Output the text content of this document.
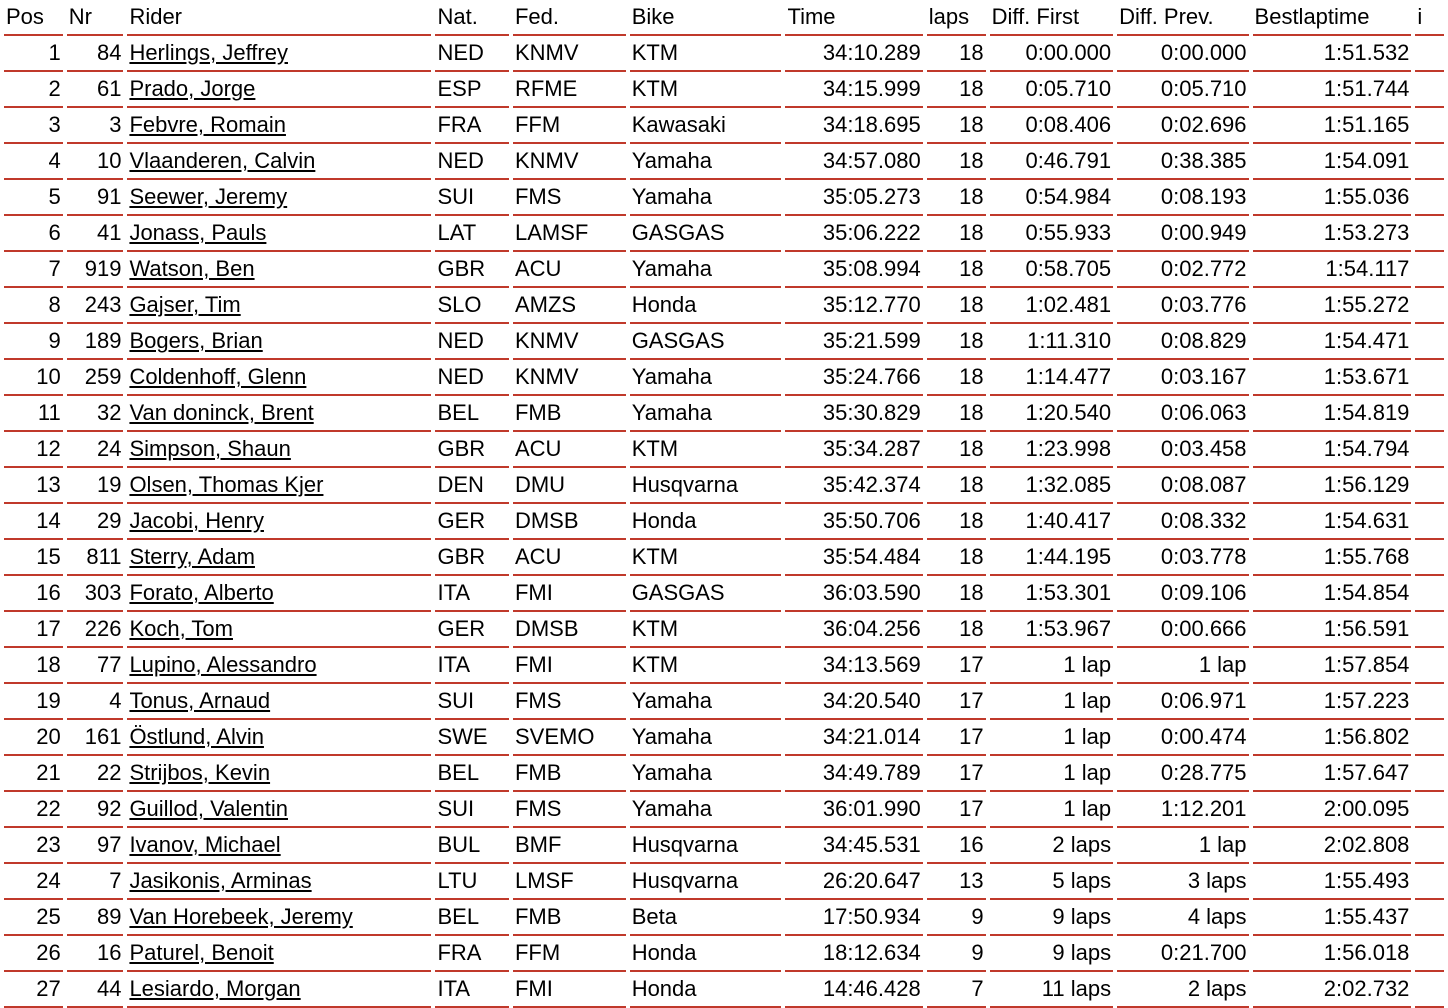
Pos	Nr	Rider	Nat.	Fed.	Bike	Time	laps	Diff. First	Diff. Prev.	Bestlaptime	i
1	84	Herlings, Jeffrey	NED	KNMV	KTM	34:10.289	18	0:00.000	0:00.000	1:51.532	
2	61	Prado, Jorge	ESP	RFME	KTM	34:15.999	18	0:05.710	0:05.710	1:51.744	
3	3	Febvre, Romain	FRA	FFM	Kawasaki	34:18.695	18	0:08.406	0:02.696	1:51.165	
4	10	Vlaanderen, Calvin	NED	KNMV	Yamaha	34:57.080	18	0:46.791	0:38.385	1:54.091	
5	91	Seewer, Jeremy	SUI	FMS	Yamaha	35:05.273	18	0:54.984	0:08.193	1:55.036	
6	41	Jonass, Pauls	LAT	LAMSF	GASGAS	35:06.222	18	0:55.933	0:00.949	1:53.273	
7	919	Watson, Ben	GBR	ACU	Yamaha	35:08.994	18	0:58.705	0:02.772	1:54.117	
8	243	Gajser, Tim	SLO	AMZS	Honda	35:12.770	18	1:02.481	0:03.776	1:55.272	
9	189	Bogers, Brian	NED	KNMV	GASGAS	35:21.599	18	1:11.310	0:08.829	1:54.471	
10	259	Coldenhoff, Glenn	NED	KNMV	Yamaha	35:24.766	18	1:14.477	0:03.167	1:53.671	
11	32	Van doninck, Brent	BEL	FMB	Yamaha	35:30.829	18	1:20.540	0:06.063	1:54.819	
12	24	Simpson, Shaun	GBR	ACU	KTM	35:34.287	18	1:23.998	0:03.458	1:54.794	
13	19	Olsen, Thomas Kjer	DEN	DMU	Husqvarna	35:42.374	18	1:32.085	0:08.087	1:56.129	
14	29	Jacobi, Henry	GER	DMSB	Honda	35:50.706	18	1:40.417	0:08.332	1:54.631	
15	811	Sterry, Adam	GBR	ACU	KTM	35:54.484	18	1:44.195	0:03.778	1:55.768	
16	303	Forato, Alberto	ITA	FMI	GASGAS	36:03.590	18	1:53.301	0:09.106	1:54.854	
17	226	Koch, Tom	GER	DMSB	KTM	36:04.256	18	1:53.967	0:00.666	1:56.591	
18	77	Lupino, Alessandro	ITA	FMI	KTM	34:13.569	17	1 lap	1 lap	1:57.854	
19	4	Tonus, Arnaud	SUI	FMS	Yamaha	34:20.540	17	1 lap	0:06.971	1:57.223	
20	161	Östlund, Alvin	SWE	SVEMO	Yamaha	34:21.014	17	1 lap	0:00.474	1:56.802	
21	22	Strijbos, Kevin	BEL	FMB	Yamaha	34:49.789	17	1 lap	0:28.775	1:57.647	
22	92	Guillod, Valentin	SUI	FMS	Yamaha	36:01.990	17	1 lap	1:12.201	2:00.095	
23	97	Ivanov, Michael	BUL	BMF	Husqvarna	34:45.531	16	2 laps	1 lap	2:02.808	
24	7	Jasikonis, Arminas	LTU	LMSF	Husqvarna	26:20.647	13	5 laps	3 laps	1:55.493	
25	89	Van Horebeek, Jeremy	BEL	FMB	Beta	17:50.934	9	9 laps	4 laps	1:55.437	
26	16	Paturel, Benoit	FRA	FFM	Honda	18:12.634	9	9 laps	0:21.700	1:56.018	
27	44	Lesiardo, Morgan	ITA	FMI	Honda	14:46.428	7	11 laps	2 laps	2:02.732	
